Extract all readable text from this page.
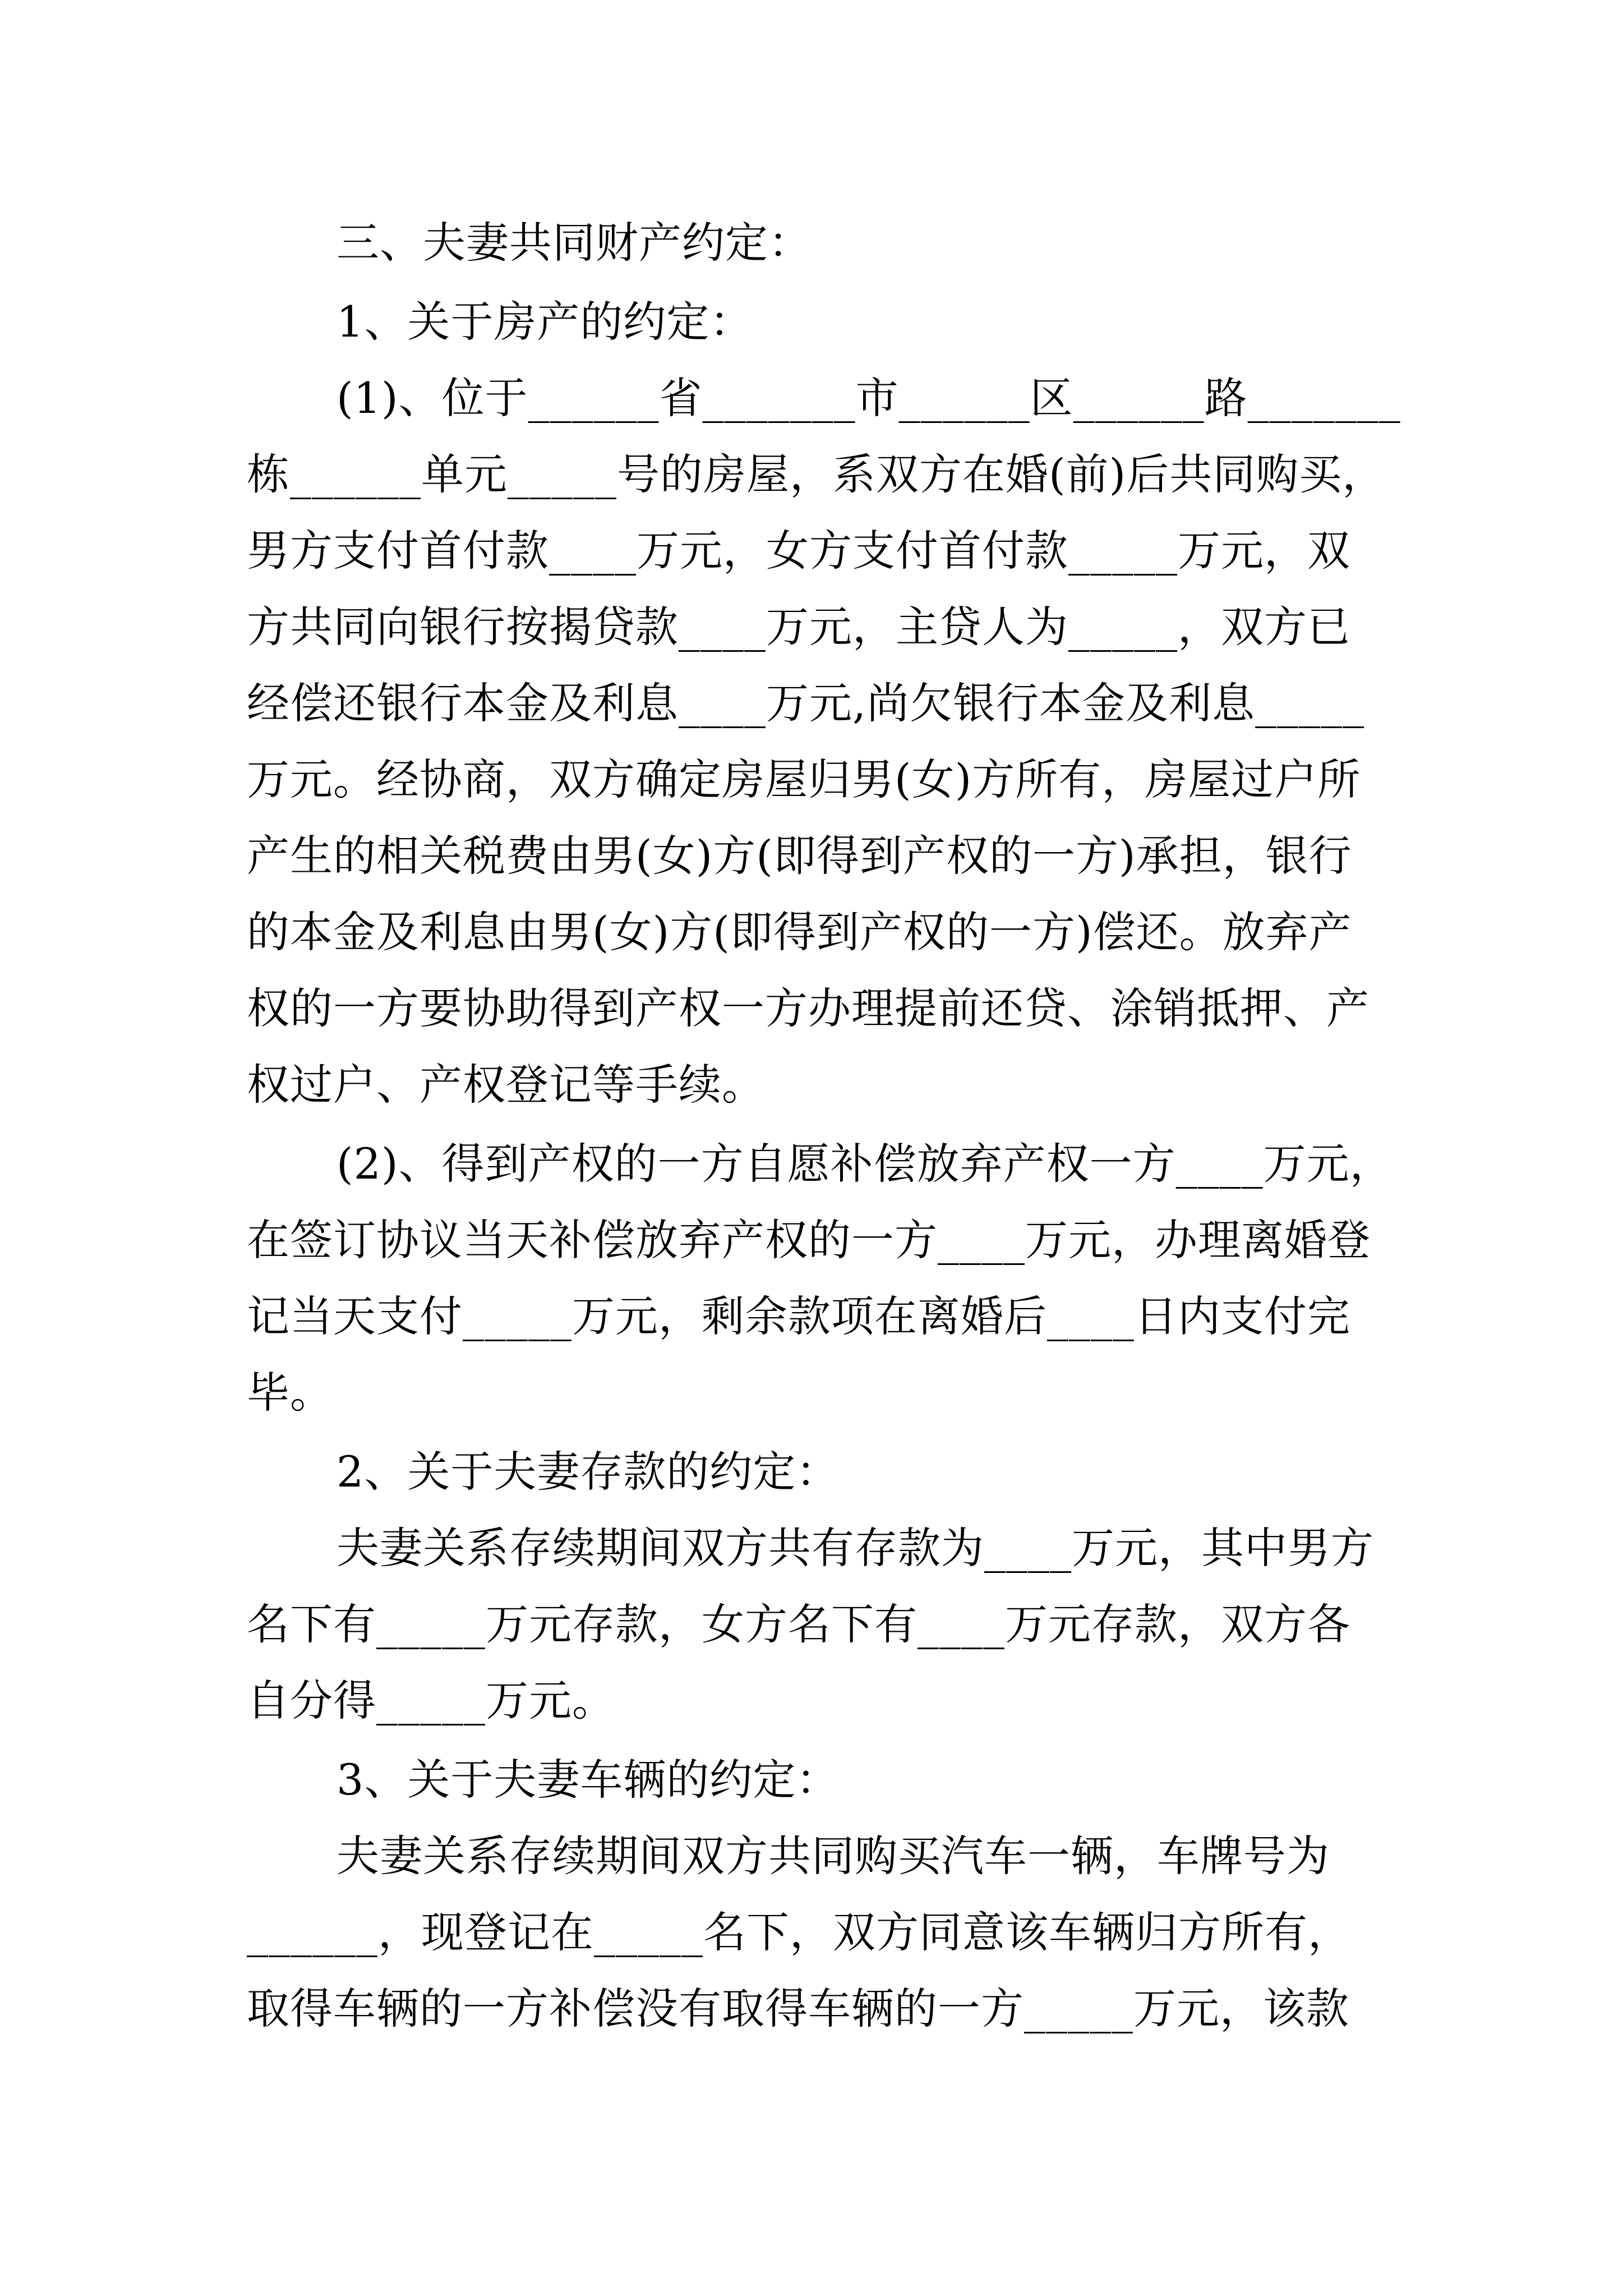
三、夫妻共同财产约定：
1、关于房产的约定：
(1)、位于______省_______市______区______路_______
栋______单元_____号的房屋，系双方在婚(前)后共同购买，
男方支付首付款____万元，女方支付首付款_____万元，双
方共同向银行按揭贷款____万元，主贷人为_____，双方已
经偿还银行本金及利息____万元,尚欠银行本金及利息_____
万元。经协商，双方确定房屋归男(女)方所有，房屋过户所
产生的相关税费由男(女)方(即得到产权的一方)承担，银行
的本金及利息由男(女)方(即得到产权的一方)偿还。放弃产
权的一方要协助得到产权一方办理提前还贷、涂销抵押、产
权过户、产权登记等手续。
(2)、得到产权的一方自愿补偿放弃产权一方____万元，
在签订协议当天补偿放弃产权的一方____万元，办理离婚登
记当天支付_____万元，剩余款项在离婚后____日内支付完
毕。
2、关于夫妻存款的约定：
夫妻关系存续期间双方共有存款为____万元，其中男方
名下有_____万元存款，女方名下有____万元存款，双方各
自分得_____万元。
3、关于夫妻车辆的约定：
夫妻关系存续期间双方共同购买汽车一辆，车牌号为
______，现登记在_____名下，双方同意该车辆归方所有，
取得车辆的一方补偿没有取得车辆的一方_____万元，该款
